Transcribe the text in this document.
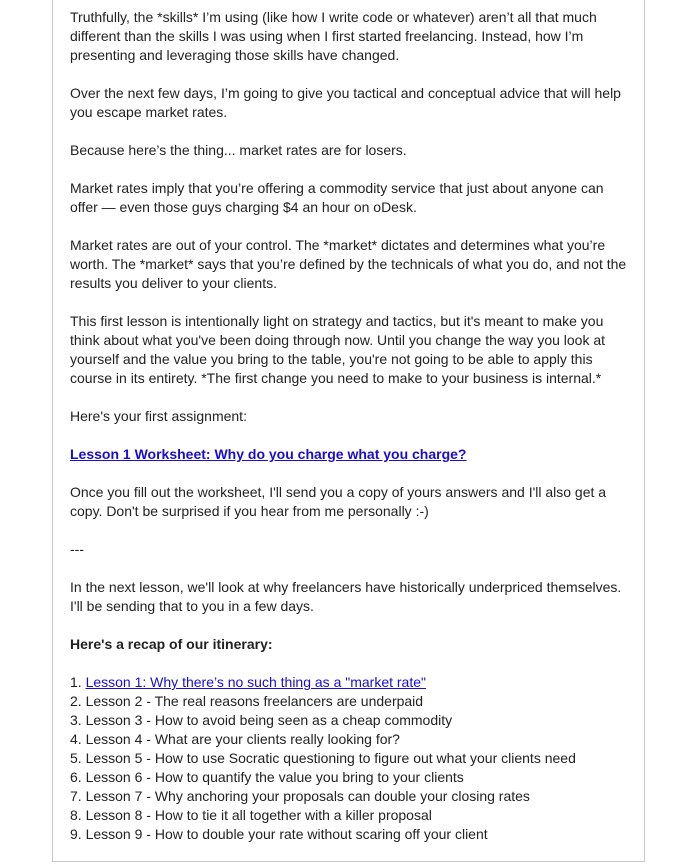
Truthfully, the *skills* I’m using (like how I write code or whatever) aren’t all that much different than the skills I was using when I first started freelancing. Instead, how I’m presenting and leveraging those skills have changed.

Over the next few days, I’m going to give you tactical and conceptual advice that will help you escape market rates.

Because here’s the thing... market rates are for losers.

Market rates imply that you’re offering a commodity service that just about anyone can offer — even those guys charging $4 an hour on oDesk.

Market rates are out of your control. The *market* dictates and determines what you’re worth. The *market* says that you’re defined by the technicals of what you do, and not the results you deliver to your clients.

This first lesson is intentionally light on strategy and tactics, but it's meant to make you think about what you've been doing through now. Until you change the way you look at yourself and the value you bring to the table, you're not going to be able to apply this course in its entirety. *The first change you need to make to your business is internal.*

Here's your first assignment:

Lesson 1 Worksheet: Why do you charge what you charge?

Once you fill out the worksheet, I'll send you a copy of yours answers and I'll also get a copy. Don't be surprised if you hear from me personally :-)

---

In the next lesson, we'll look at why freelancers have historically underpriced themselves. I'll be sending that to you in a few days.

Here's a recap of our itinerary:

1. Lesson 1: Why there’s no such thing as a "market rate"
2. Lesson 2 - The real reasons freelancers are underpaid
3. Lesson 3 - How to avoid being seen as a cheap commodity
4. Lesson 4 - What are your clients really looking for?
5. Lesson 5 - How to use Socratic questioning to figure out what your clients need
6. Lesson 6 - How to quantify the value you bring to your clients
7. Lesson 7 - Why anchoring your proposals can double your closing rates
8. Lesson 8 - How to tie it all together with a killer proposal
9. Lesson 9 - How to double your rate without scaring off your client
